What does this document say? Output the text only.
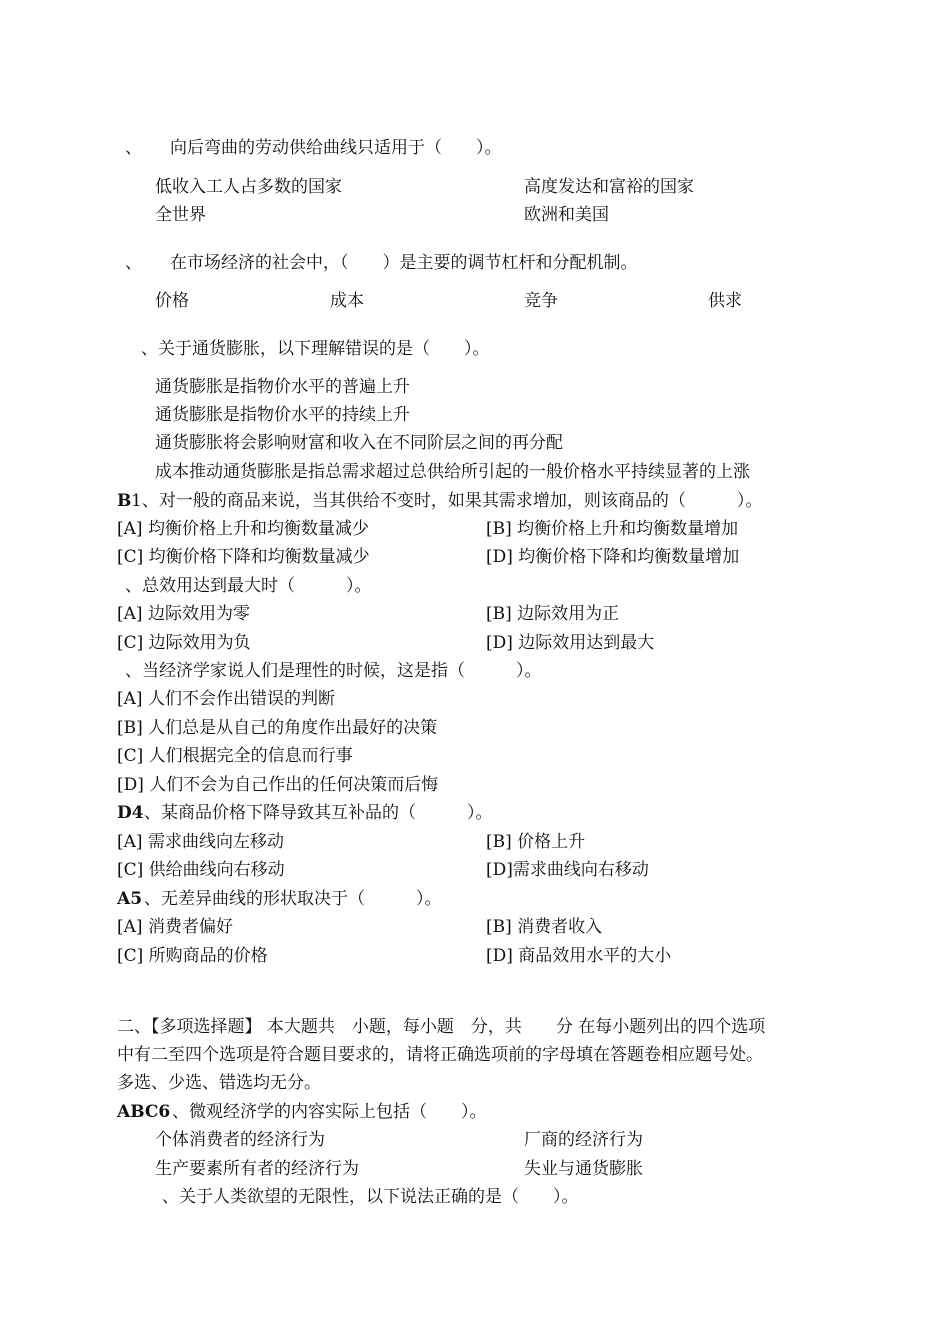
、 向后弯曲的劳动供给曲线只适用于（　　）。
低收入工人占多数的国家	高度发达和富裕的国家
全世界	欧洲和美国
、 在市场经济的社会中，（　　）是主要的调节杠杆和分配机制。
价格	成本	竞争	供求
、关于通货膨胀，以下理解错误的是（　　）。
通货膨胀是指物价水平的普遍上升
通货膨胀是指物价水平的持续上升
通货膨胀将会影响财富和收入在不同阶层之间的再分配
成本推动通货膨胀是指总需求超过总供给所引起的一般价格水平持续显著的上涨
B 1、对一般的商品来说，当其供给不变时，如果其需求增加，则该商品的（　　　）。
[A] 均衡价格上升和均衡数量减少	[B] 均衡价格上升和均衡数量增加
[C] 均衡价格下降和均衡数量减少	[D] 均衡价格下降和均衡数量增加
、总效用达到最大时（　　　）。
[A] 边际效用为零	[B] 边际效用为正
[C] 边际效用为负	[D] 边际效用达到最大
、当经济学家说人们是理性的时候，这是指（　　　）。
[A] 人们不会作出错误的判断
[B] 人们总是从自己的角度作出最好的决策
[C] 人们根据完全的信息而行事
[D] 人们不会为自己作出的任何决策而后悔
D4 、某商品价格下降导致其互补品的（　　　）。
[A] 需求曲线向左移动	[B] 价格上升
[C] 供给曲线向右移动	[D]需求曲线向右移动
A5 、无差异曲线的形状取决于（　　　）。
[A] 消费者偏好	[B] 消费者收入
[C] 所购商品的价格	[D] 商品效用水平的大小
二、【多项选择题】 本大题共　小题，每小题　分，共　　分 在每小题列出的四个选项
中有二至四个选项是符合题目要求的，请将正确选项前的字母填在答题卷相应题号处。
多选、少选、错选均无分。
ABC6 、微观经济学的内容实际上包括（　　）。
个体消费者的经济行为	厂商的经济行为
生产要素所有者的经济行为	失业与通货膨胀
、关于人类欲望的无限性，以下说法正确的是（　　）。
